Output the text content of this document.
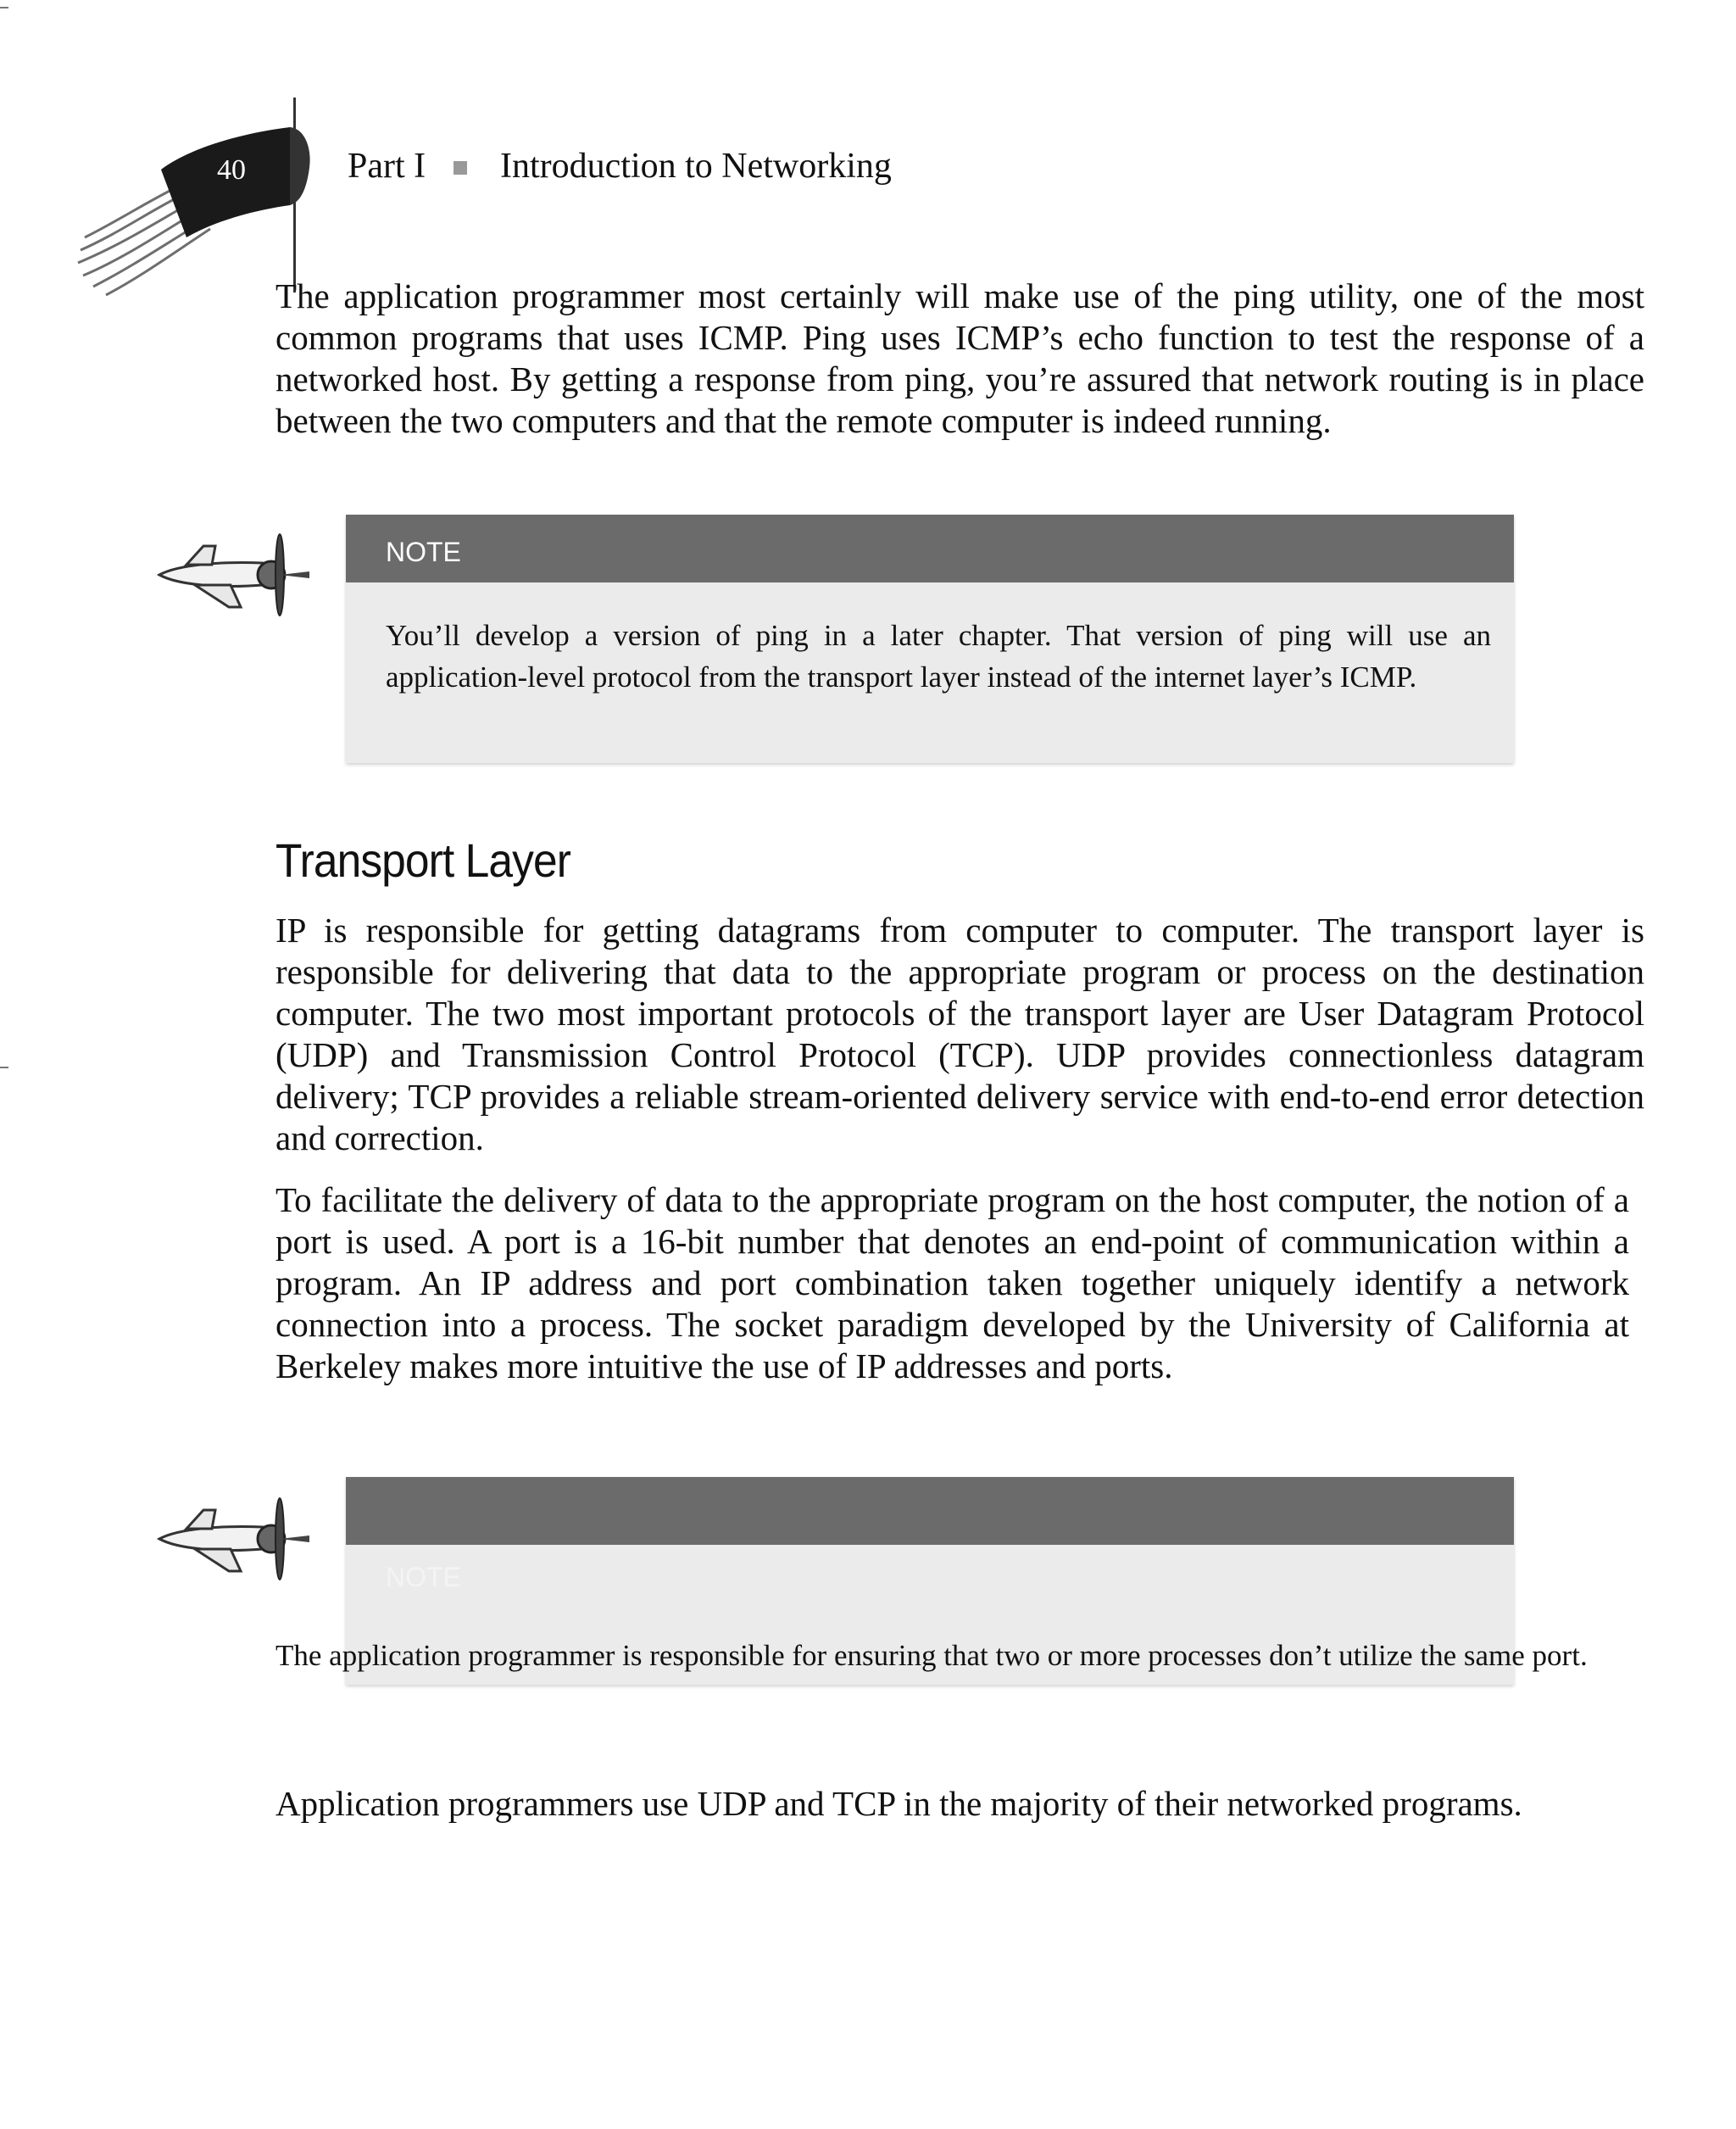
40	Part I Introduction to Networking

The application programmer most certainly will make use of the ping utility, one of the most common programs that uses ICMP. Ping uses ICMP’s echo function to test the response of a networked host. By getting a response from ping, you’re assured that network routing is in place between the two computers and that the remote computer is indeed running.

NOTE

You’ll develop a version of ping in a later chapter. That version of ping will use an application-level protocol from the transport layer instead of the internet layer’s ICMP.

Transport Layer

IP is responsible for getting datagrams from computer to computer. The transport layer is responsible for delivering that data to the appropriate program or process on the destination computer. The two most important protocols of the transport layer are User Datagram Protocol (UDP) and Transmission Control Protocol (TCP). UDP provides connectionless datagram delivery; TCP provides a reliable stream-oriented delivery service with end-to-end error detection and correction.

To facilitate the delivery of data to the appropriate program on the host computer, the notion of a port is used. A port is a 16-bit number that denotes an end-point of communication within a program. An IP address and port combination taken together uniquely identify a network connection into a process. The socket paradigm developed by the University of California at Berkeley makes more intuitive the use of IP addresses and ports.

NOTE

The application programmer is responsible for ensuring that two or more processes don’t utilize the same port.

Application programmers use UDP and TCP in the majority of their networked programs.
